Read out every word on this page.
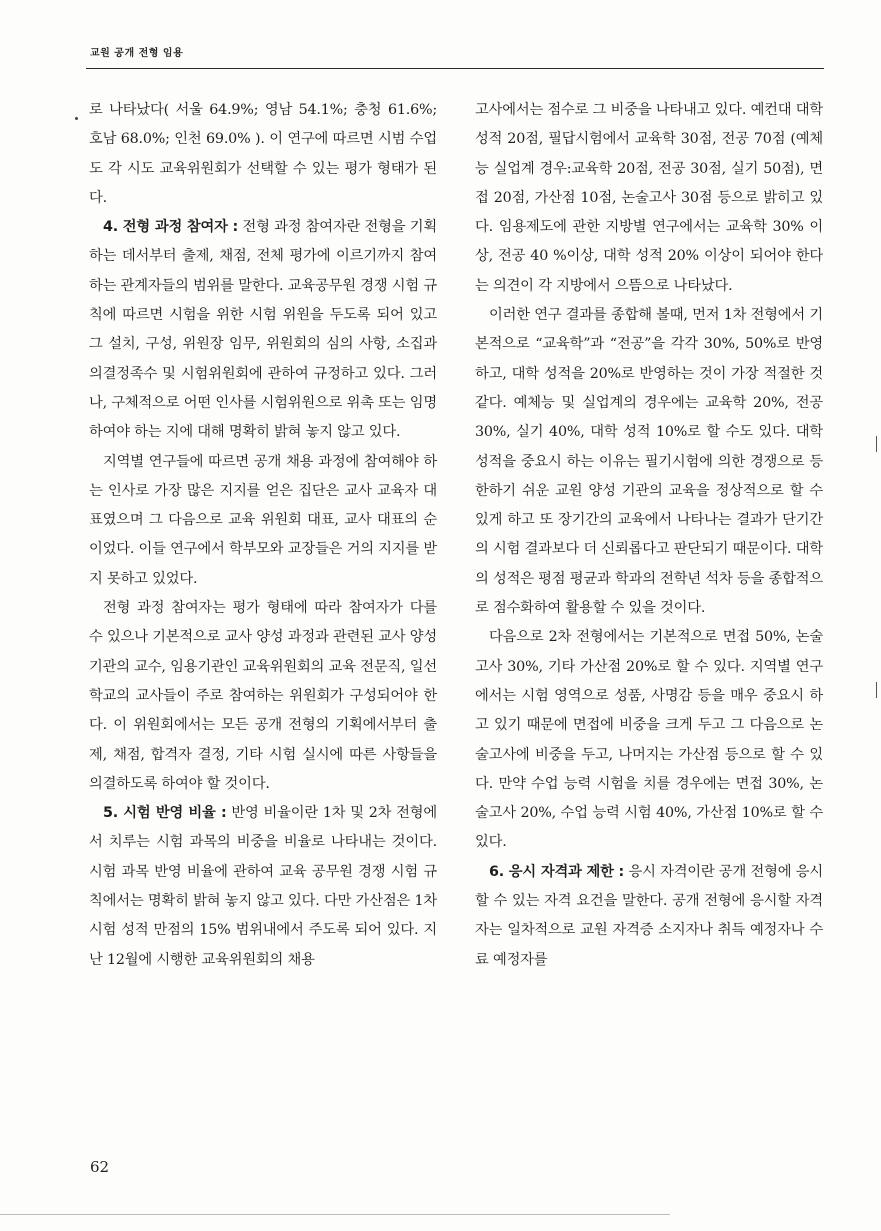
교원 공개 전형 임용

로 나타났다( 서울 64.9%; 영남 54.1%; 충청 61.6%; 호남 68.0%; 인천 69.0% ). 이 연구에 따르면 시범 수업도 각 시도 교육위원회가 선택할 수 있는 평가 형태가 된다.

4. 전형 과정 참여자 : 전형 과정 참여자란 전형을 기획하는 데서부터 출제, 채점, 전체 평가에 이르기까지 참여하는 관계자들의 범위를 말한다. 교육공무원 경쟁 시험 규칙에 따르면 시험을 위한 시험 위원을 두도록 되어 있고 그 설치, 구성, 위원장 임무, 위원회의 심의 사항, 소집과 의결정족수 및 시험위원회에 관하여 규정하고 있다. 그러나, 구체적으로 어떤 인사를 시험위원으로 위촉 또는 임명하여야 하는 지에 대해 명확히 밝혀 놓지 않고 있다.

지역별 연구들에 따르면 공개 채용 과정에 참여해야 하는 인사로 가장 많은 지지를 얻은 집단은 교사 교육자 대표였으며 그 다음으로 교육 위원회 대표, 교사 대표의 순이었다. 이들 연구에서 학부모와 교장들은 거의 지지를 받지 못하고 있었다.

전형 과정 참여자는 평가 형태에 따라 참여자가 다를 수 있으나 기본적으로 교사 양성 과정과 관련된 교사 양성 기관의 교수, 임용기관인 교육위원회의 교육 전문직, 일선학교의 교사들이 주로 참여하는 위원회가 구성되어야 한다. 이 위원회에서는 모든 공개 전형의 기획에서부터 출제, 채점, 합격자 결정, 기타 시험 실시에 따른 사항들을 의결하도록 하여야 할 것이다.

5. 시험 반영 비율 : 반영 비율이란 1차 및 2차 전형에서 치루는 시험 과목의 비중을 비율로 나타내는 것이다. 시험 과목 반영 비율에 관하여 교육 공무원 경쟁 시험 규칙에서는 명확히 밝혀 놓지 않고 있다. 다만 가산점은 1차 시험 성적 만점의 15% 범위내에서 주도록 되어 있다. 지난 12월에 시행한 교육위원회의 채용

고사에서는 점수로 그 비중을 나타내고 있다. 예컨대 대학 성적 20점, 필답시험에서 교육학 30점, 전공 70점 (예체능 실업계 경우:교육학 20점, 전공 30점, 실기 50점), 면접 20점, 가산점 10점, 논술고사 30점 등으로 밝히고 있다. 임용제도에 관한 지방별 연구에서는 교육학 30% 이상, 전공 40 %이상, 대학 성적 20% 이상이 되어야 한다는 의견이 각 지방에서 으뜸으로 나타났다.

이러한 연구 결과를 종합해 볼때, 먼저 1차 전형에서 기본적으로 “교육학”과 “전공”을 각각 30%, 50%로 반영하고, 대학 성적을 20%로 반영하는 것이 가장 적절한 것 같다. 예체능 및 실업계의 경우에는 교육학 20%, 전공 30%, 실기 40%, 대학 성적 10%로 할 수도 있다. 대학 성적을 중요시 하는 이유는 필기시험에 의한 경쟁으로 등한하기 쉬운 교원 양성 기관의 교육을 정상적으로 할 수 있게 하고 또 장기간의 교육에서 나타나는 결과가 단기간의 시험 결과보다 더 신뢰롭다고 판단되기 때문이다. 대학의 성적은 평점 평균과 학과의 전학년 석차 등을 종합적으로 점수화하여 활용할 수 있을 것이다.

다음으로 2차 전형에서는 기본적으로 면접 50%, 논술고사 30%, 기타 가산점 20%로 할 수 있다. 지역별 연구에서는 시험 영역으로 성품, 사명감 등을 매우 중요시 하고 있기 때문에 면접에 비중을 크게 두고 그 다음으로 논술고사에 비중을 두고, 나머지는 가산점 등으로 할 수 있다. 만약 수업 능력 시험을 치를 경우에는 면접 30%, 논술고사 20%, 수업 능력 시험 40%, 가산점 10%로 할 수 있다.

6. 응시 자격과 제한 : 응시 자격이란 공개 전형에 응시할 수 있는 자격 요건을 말한다. 공개 전형에 응시할 자격자는 일차적으로 교원 자격증 소지자나 취득 예정자나 수료 예정자를

62
